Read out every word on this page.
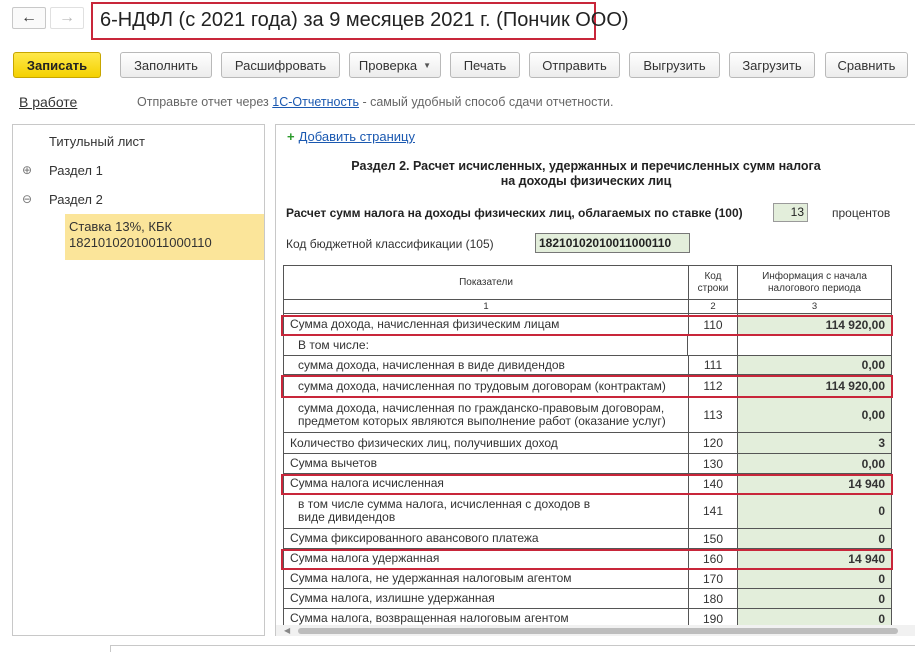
← →	6-НДФЛ (с 2021 года) за 9 месяцев 2021 г. (Пончик ООО)
Записать	Заполнить	Расшифровать	Проверка ▼	Печать	Отправить	Выгрузить	Загрузить	Сравнить
В работе	Отправьте отчет через 1С-Отчетность - самый удобный способ сдачи отчетности.
Титульный лист
⊕ Раздел 1
⊖ Раздел 2
Ставка 13%, КБК
18210102010011000110
+ Добавить страницу
Раздел 2. Расчет исчисленных, удержанных и перечисленных сумм налога
на доходы физических лиц
Расчет сумм налога на доходы физических лиц, облагаемых по ставке (100)	13	процентов
Код бюджетной классификации (105)	18210102010011000110
Показатели
Код строки
Информация с начала налогового периода
1	2	3
Сумма дохода, начисленная физическим лицам	110	114 920,00
В том числе:
сумма дохода, начисленная в виде дивидендов	111	0,00
сумма дохода, начисленная по трудовым договорам (контрактам)	112	114 920,00
сумма дохода, начисленная по гражданско-правовым договорам, предметом которых являются выполнение работ (оказание услуг)	113	0,00
Количество физических лиц, получивших доход	120	3
Сумма вычетов	130	0,00
Сумма налога исчисленная	140	14 940
в том числе сумма налога, исчисленная с доходов в виде дивидендов	141	0
Сумма фиксированного авансового платежа	150	0
Сумма налога удержанная	160	14 940
Сумма налога, не удержанная налоговым агентом	170	0
Сумма налога, излишне удержанная	180	0
Сумма налога, возвращенная налоговым агентом	190	0
◀
